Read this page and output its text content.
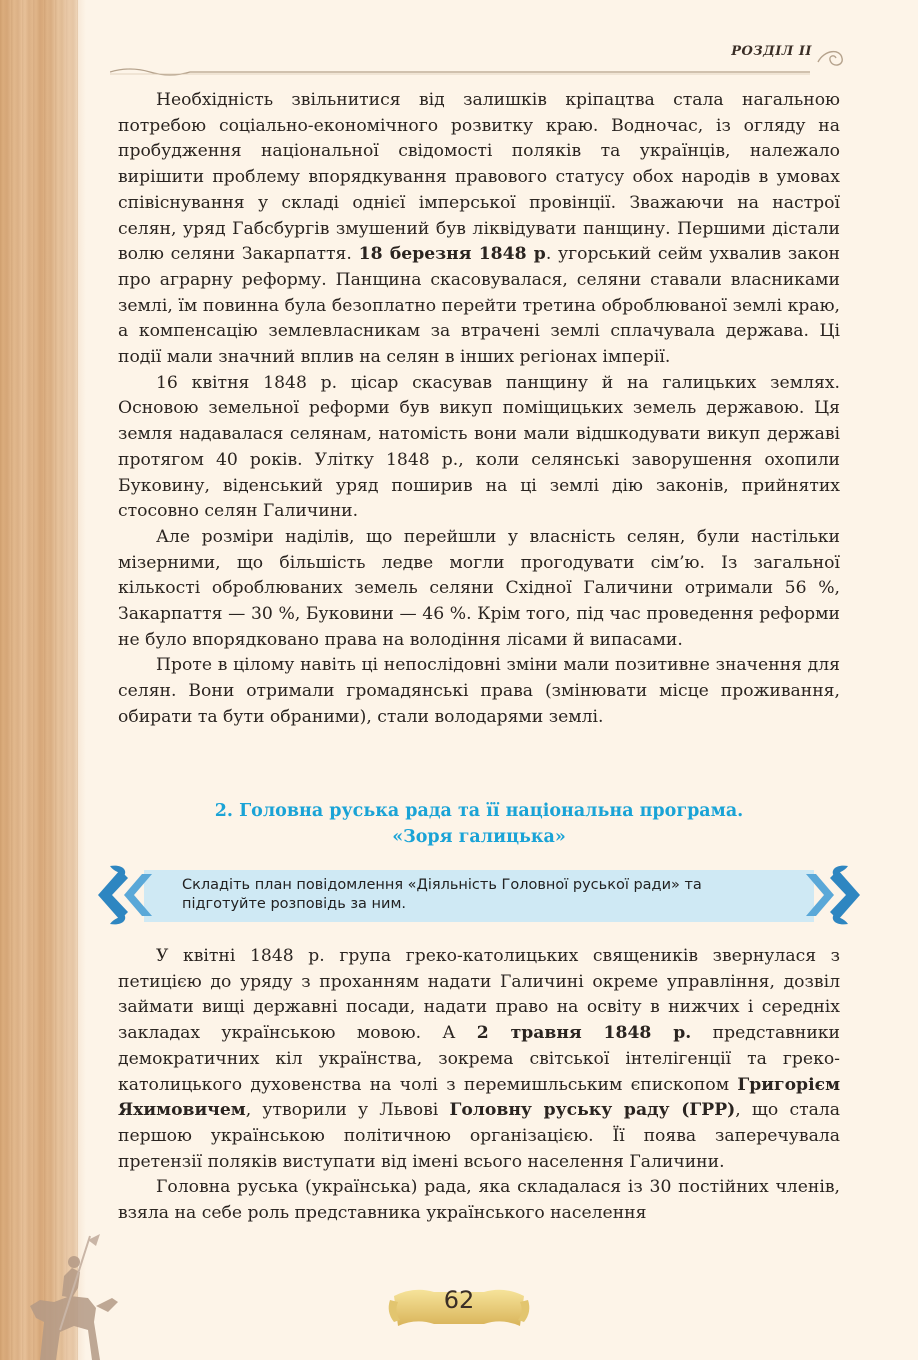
РОЗДІЛ ІІ

Необхідність звільнитися від залишків кріпацтва стала нагальною потребою соціально-економічного розвитку краю. Водночас, із огляду на пробудження національної свідомості поляків та українців, належало вирішити проблему впорядкування правового статусу обох народів в умовах співіснування у складі однієї імперської провінції. Зважаючи на настрої селян, уряд Габсбургів змушений був ліквідувати панщину. Першими дістали волю селяни Закарпаття. 18 березня 1848 р. угорський сейм ухвалив закон про аграрну реформу. Панщина скасовувалася, селяни ставали власниками землі, їм повинна була безоплатно перейти третина оброблюваної землі краю, а компенсацію землевласникам за втрачені землі сплачувала держава. Ці події мали значний вплив на селян в інших регіонах імперії.

16 квітня 1848 р. цісар скасував панщину й на галицьких землях. Основою земельної реформи був викуп поміщицьких земель державою. Ця земля надавалася селянам, натомість вони мали відшкодувати викуп державі протягом 40 років. Улітку 1848 р., коли селянські заворушення охопили Буковину, віденський уряд поширив на ці землі дію законів, прийнятих стосовно селян Галичини.

Але розміри наділів, що перейшли у власність селян, були настільки мізерними, що більшість ледве могли прогодувати сім’ю. Із загальної кількості оброблюваних земель селяни Східної Галичини отримали 56 %, Закарпаття — 30 %, Буковини — 46 %. Крім того, під час проведення реформи не було впорядковано права на володіння лісами й випасами.

Проте в цілому навіть ці непослідовні зміни мали позитивне значення для селян. Вони отримали громадянські права (змінювати місце проживання, обирати та бути обраними), стали володарями землі.

2. Головна руська рада та її національна програма.
«Зоря галицька»
Складіть план повідомлення «Діяльність Головної руської ради» та підготуйте розповідь за ним.

У квітні 1848 р. група греко-католицьких священиків звернулася з петицією до уряду з проханням надати Галичині окреме управління, дозвіл займати вищі державні посади, надати право на освіту в нижчих і середніх закладах українською мовою. А 2 травня 1848 р. представники демократичних кіл українства, зокрема світської інтелігенції та греко-католицького духовенства на чолі з перемишльським єпископом Григорієм Яхимовичем, утворили у Львові Головну руську раду (ГРР), що стала першою українською політичною організацією. Її поява заперечувала претензії поляків виступати від імені всього населення Галичини.

Головна руська (українська) рада, яка складалася із 30 постійних членів, взяла на себе роль представника українського населення

62
